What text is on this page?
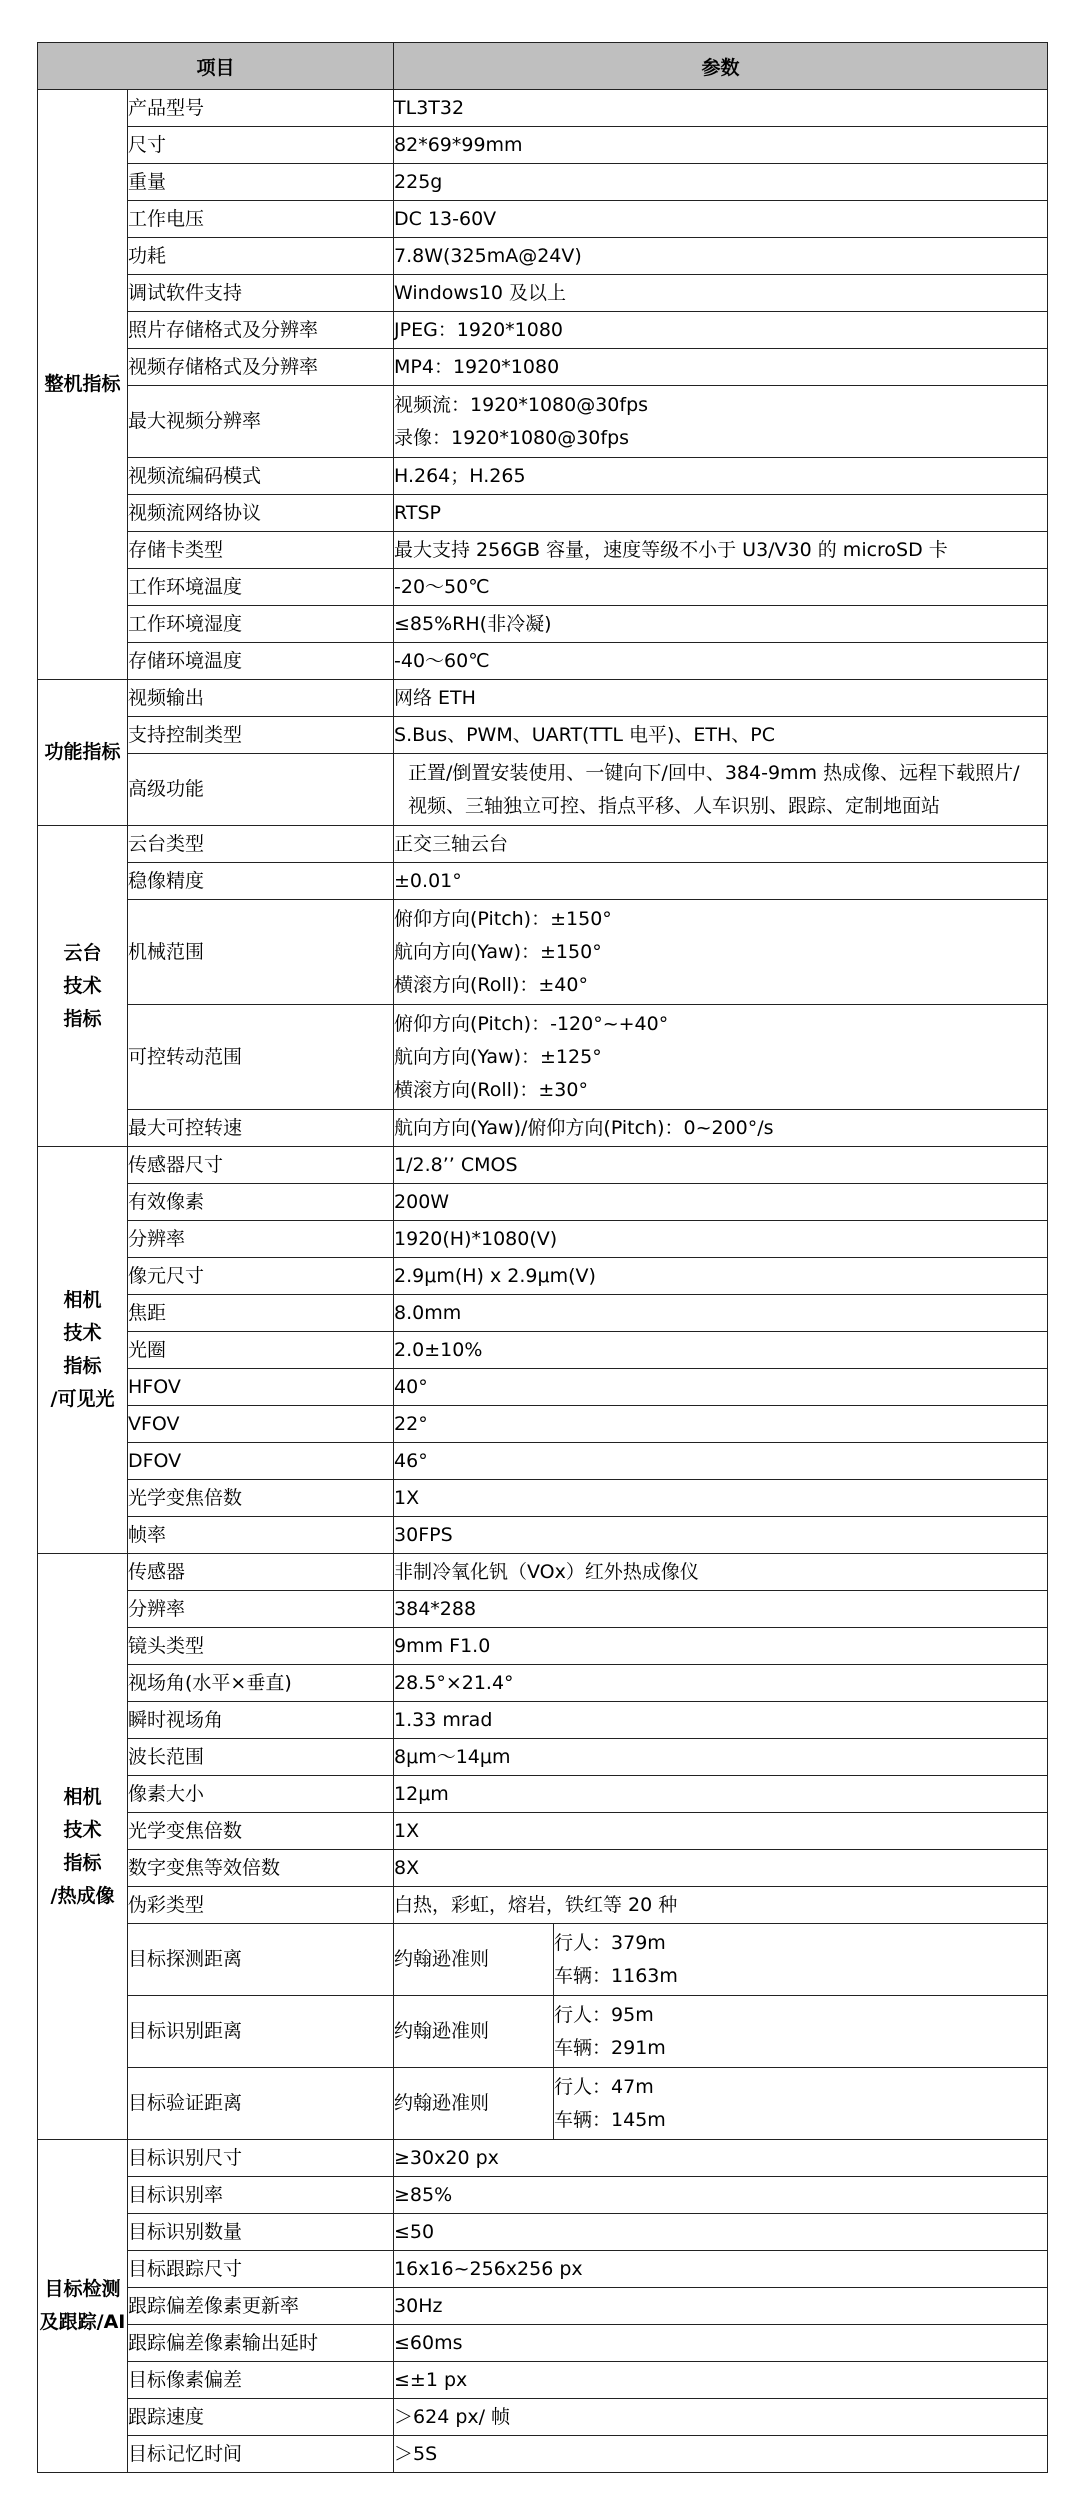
项目		参数	
整机指标	产品型号	TL3T32	

	尺寸	82*69*99mm	

	重量	225g	

	工作电压	DC 13-60V	

	功耗	7.8W(325mA@24V)	

	调试软件支持	Windows10 及以上	

	照片存储格式及分辨率	JPEG：1920*1080	

	视频存储格式及分辨率	MP4：1920*1080	

	最大视频分辨率	视频流：1920*1080@30fps
录像：1920*1080@30fps	

	视频流编码模式	H.264；H.265	

	视频流网络协议	RTSP	

	存储卡类型	最大支持 256GB 容量，速度等级不小于 U3/V30 的 microSD 卡	

	工作环境温度	-20～50℃	

	工作环境湿度	≤85%RH(非冷凝)	

	存储环境温度	-40～60℃	

功能指标	视频输出	网络 ETH	

	支持控制类型	S.Bus、PWM、UART(TTL 电平)、ETH、PC	

	高级功能	正置/倒置安装使用、一键向下/回中、384-9mm 热成像、远程下载照片/
视频、三轴独立可控、指点平移、人车识别、跟踪、定制地面站	

云台
技术
指标	云台类型	正交三轴云台	

	稳像精度	±0.01°	

	机械范围	俯仰方向(Pitch)：±150°
航向方向(Yaw)：±150°
横滚方向(Roll)：±40°	

	可控转动范围	俯仰方向(Pitch)：-120°~+40°
航向方向(Yaw)：±125°
横滚方向(Roll)：±30°	

	最大可控转速	航向方向(Yaw)/俯仰方向(Pitch)：0~200°/s	

相机
技术
指标
/可见光	传感器尺寸	1/2.8’’ CMOS	

	有效像素	200W	

	分辨率	1920(H)*1080(V)	

	像元尺寸	2.9μm(H) x 2.9μm(V)	

	焦距	8.0mm	

	光圈	2.0±10%	

	HFOV	40°	

	VFOV	22°	

	DFOV	46°	

	光学变焦倍数	1X	

	帧率	30FPS	

相机
技术
指标
/热成像	传感器	非制冷氧化钒（VOx）红外热成像仪	

	分辨率	384*288	

	镜头类型	9mm F1.0	

	视场角(水平×垂直)	28.5°×21.4°	

	瞬时视场角	1.33 mrad	

	波长范围	8μm～14μm	

	像素大小	12μm	

	光学变焦倍数	1X	

	数字变焦等效倍数	8X	

	伪彩类型	白热，彩虹，熔岩，铁红等 20 种	

	目标探测距离	约翰逊准则	行人：379m
车辆：1163m

	目标识别距离	约翰逊准则	行人：95m
车辆：291m

	目标验证距离	约翰逊准则	行人：47m
车辆：145m

目标检测
及跟踪/AI	目标识别尺寸	≥30x20 px	

	目标识别率	≥85%	

	目标识别数量	≤50	

	目标跟踪尺寸	16x16~256x256 px	

	跟踪偏差像素更新率	30Hz	

	跟踪偏差像素输出延时	≤60ms	

	目标像素偏差	≤±1 px	

	跟踪速度	＞624 px/ 帧	

	目标记忆时间	＞5S	
